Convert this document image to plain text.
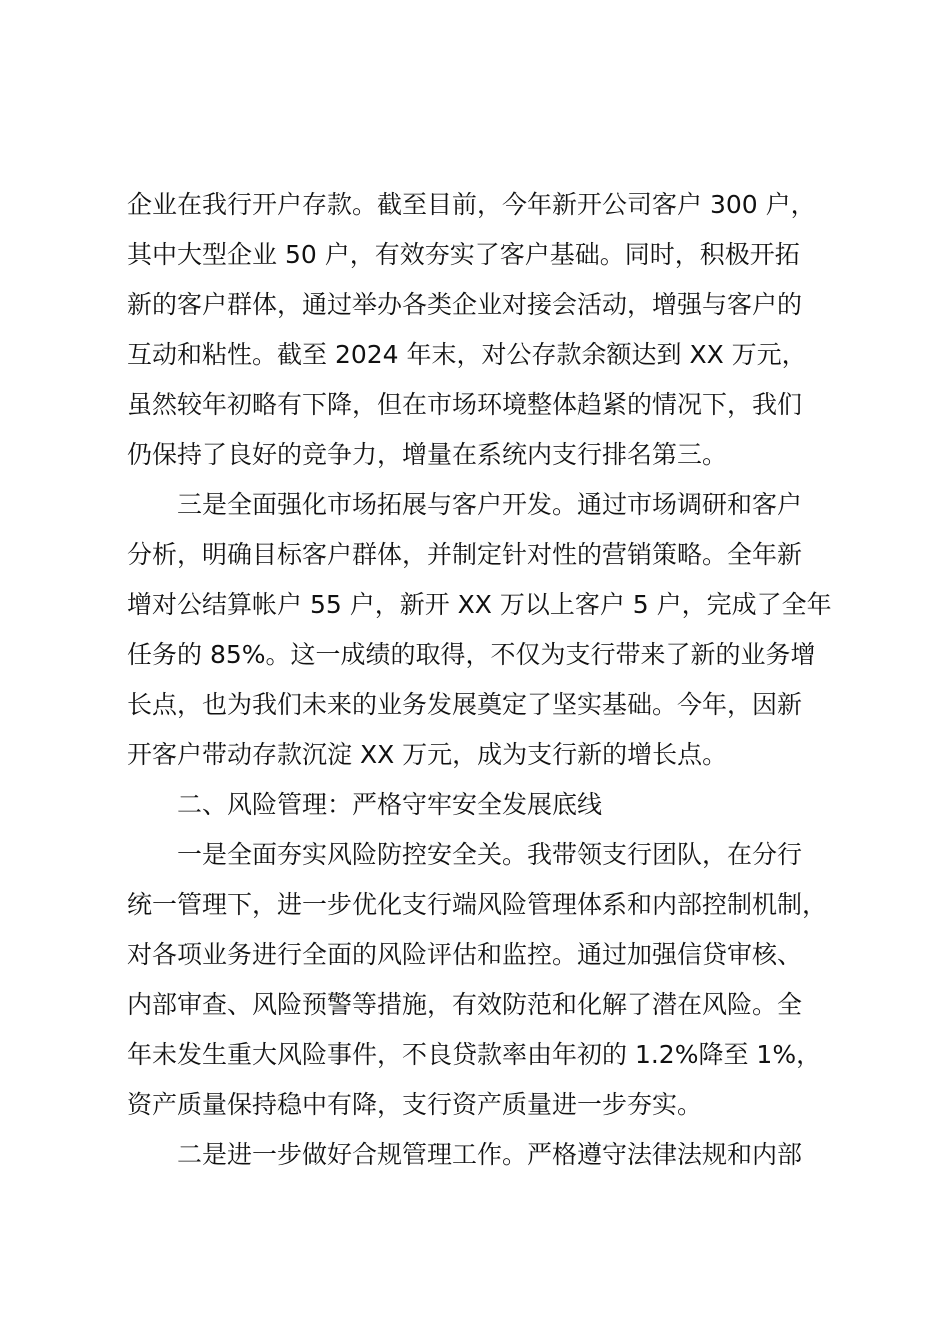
企业在我行开户存款。截至目前，今年新开公司客户 300 户，
其中大型企业 50 户，有效夯实了客户基础。同时，积极开拓
新的客户群体，通过举办各类企业对接会活动，增强与客户的
互动和粘性。截至 2024 年末，对公存款余额达到 XX 万元，
虽然较年初略有下降，但在市场环境整体趋紧的情况下，我们
仍保持了良好的竞争力，增量在系统内支行排名第三。

三是全面强化市场拓展与客户开发。通过市场调研和客户
分析，明确目标客户群体，并制定针对性的营销策略。全年新
增对公结算帐户 55 户，新开 XX 万以上客户 5 户，完成了全年
任务的 85%。这一成绩的取得，不仅为支行带来了新的业务增
长点，也为我们未来的业务发展奠定了坚实基础。今年，因新
开客户带动存款沉淀 XX 万元，成为支行新的增长点。

二、风险管理：严格守牢安全发展底线

一是全面夯实风险防控安全关。我带领支行团队，在分行
统一管理下，进一步优化支行端风险管理体系和内部控制机制，
对各项业务进行全面的风险评估和监控。通过加强信贷审核、
内部审查、风险预警等措施，有效防范和化解了潜在风险。全
年未发生重大风险事件，不良贷款率由年初的 1.2%降至 1%，
资产质量保持稳中有降，支行资产质量进一步夯实。

二是进一步做好合规管理工作。严格遵守法律法规和内部
